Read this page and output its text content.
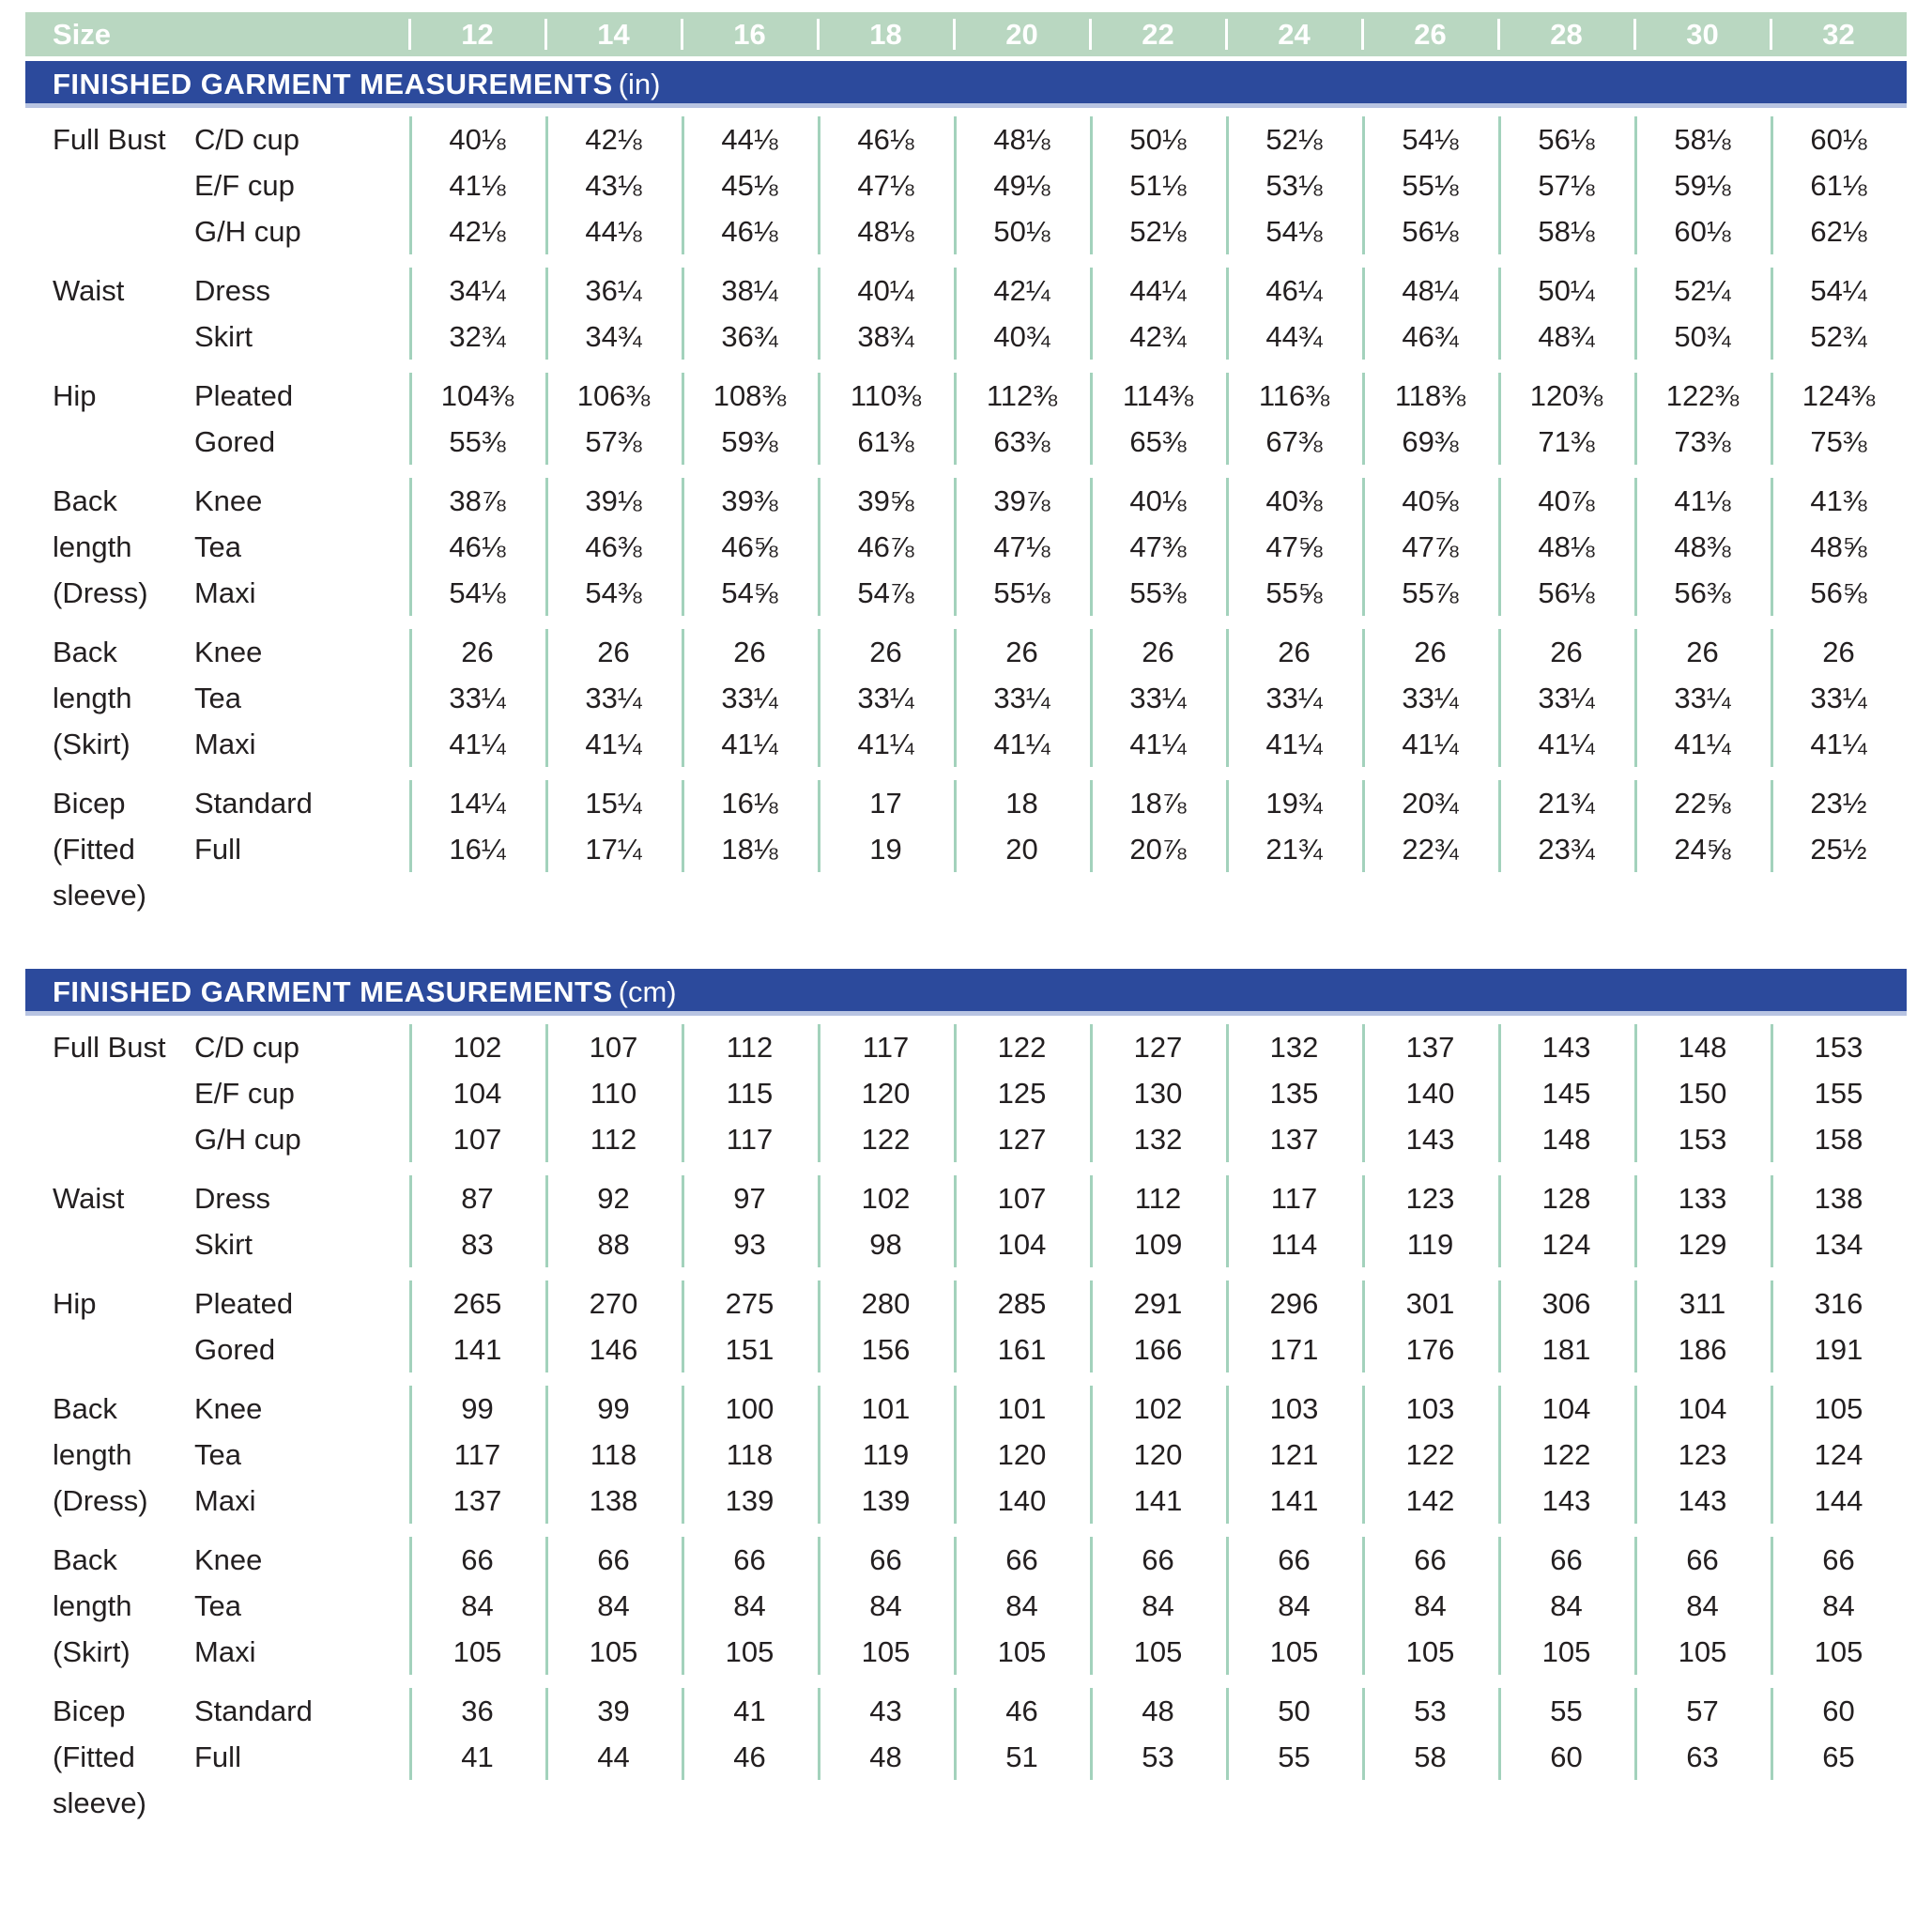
Size	12	14	16	18	20	22	24	26	28	30	32
FINISHED GARMENT MEASUREMENTS (in)
Full Bust C/D cup	40⅛	42⅛	44⅛	46⅛	48⅛	50⅛	52⅛	54⅛	56⅛	58⅛	60⅛
E/F cup	41⅛	43⅛	45⅛	47⅛	49⅛	51⅛	53⅛	55⅛	57⅛	59⅛	61⅛
G/H cup	42⅛	44⅛	46⅛	48⅛	50⅛	52⅛	54⅛	56⅛	58⅛	60⅛	62⅛
Waist	Dress	34¼	36¼	38¼	40¼	42¼	44¼	46¼	48¼	50¼	52¼	54¼
Skirt	32¾	34¾	36¾	38¾	40¾	42¾	44¾	46¾	48¾	50¾	52¾
Hip	Pleated	104⅜	106⅜	108⅜	110⅜	112⅜	114⅜	116⅜	118⅜	120⅜	122⅜	124⅜
Gored	55⅜	57⅜	59⅜	61⅜	63⅜	65⅜	67⅜	69⅜	71⅜	73⅜	75⅜
Back	Knee	38⅞	39⅛	39⅜	39⅝	39⅞	40⅛	40⅜	40⅝	40⅞	41⅛	41⅜
length	Tea	46⅛	46⅜	46⅝	46⅞	47⅛	47⅜	47⅝	47⅞	48⅛	48⅜	48⅝
(Dress)	Maxi	54⅛	54⅜	54⅝	54⅞	55⅛	55⅜	55⅝	55⅞	56⅛	56⅜	56⅝
Back	Knee	26	26	26	26	26	26	26	26	26	26	26
length	Tea	33¼	33¼	33¼	33¼	33¼	33¼	33¼	33¼	33¼	33¼	33¼
(Skirt)	Maxi	41¼	41¼	41¼	41¼	41¼	41¼	41¼	41¼	41¼	41¼	41¼
Bicep	Standard	14¼	15¼	16⅛	17	18	18⅞	19¾	20¾	21¾	22⅝	23½
(Fitted	Full	16¼	17¼	18⅛	19	20	20⅞	21¾	22¾	23¾	24⅝	25½
sleeve)
FINISHED GARMENT MEASUREMENTS (cm)
Full Bust C/D cup	102	107	112	117	122	127	132	137	143	148	153
E/F cup	104	110	115	120	125	130	135	140	145	150	155
G/H cup	107	112	117	122	127	132	137	143	148	153	158
Waist	Dress	87	92	97	102	107	112	117	123	128	133	138
Skirt	83	88	93	98	104	109	114	119	124	129	134
Hip	Pleated	265	270	275	280	285	291	296	301	306	311	316
Gored	141	146	151	156	161	166	171	176	181	186	191
Back	Knee	99	99	100	101	101	102	103	103	104	104	105
length	Tea	117	118	118	119	120	120	121	122	122	123	124
(Dress)	Maxi	137	138	139	139	140	141	141	142	143	143	144
Back	Knee	66	66	66	66	66	66	66	66	66	66	66
length	Tea	84	84	84	84	84	84	84	84	84	84	84
(Skirt)	Maxi	105	105	105	105	105	105	105	105	105	105	105
Bicep	Standard	36	39	41	43	46	48	50	53	55	57	60
(Fitted	Full	41	44	46	48	51	53	55	58	60	63	65
sleeve)
